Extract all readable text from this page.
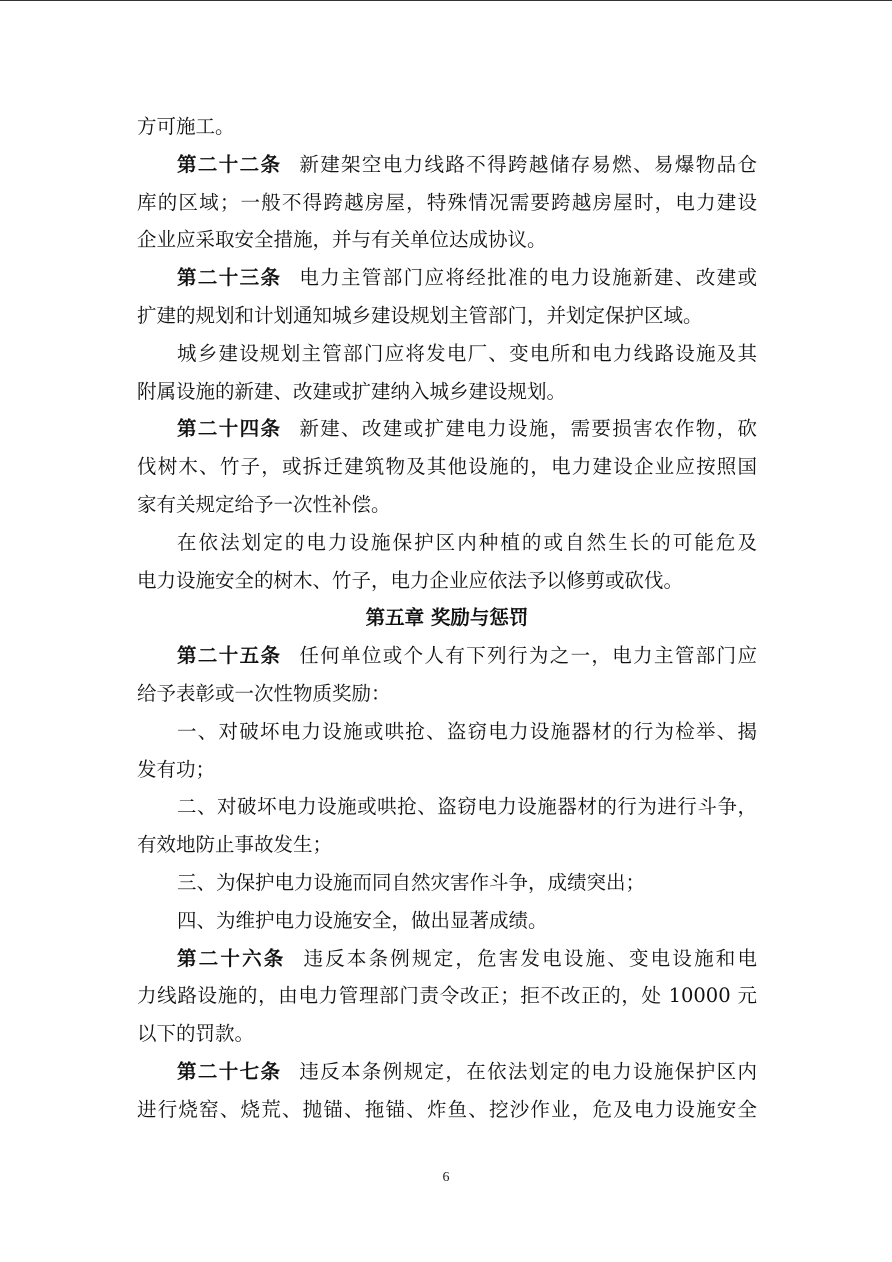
方可施工。
第二十二条 新建架空电力线路不得跨越储存易燃、易爆物品仓
库的区域；一般不得跨越房屋，特殊情况需要跨越房屋时，电力建设
企业应采取安全措施，并与有关单位达成协议。
第二十三条 电力主管部门应将经批准的电力设施新建、改建或
扩建的规划和计划通知城乡建设规划主管部门，并划定保护区域。
城乡建设规划主管部门应将发电厂、变电所和电力线路设施及其
附属设施的新建、改建或扩建纳入城乡建设规划。
第二十四条 新建、改建或扩建电力设施，需要损害农作物，砍
伐树木、竹子，或拆迁建筑物及其他设施的，电力建设企业应按照国
家有关规定给予一次性补偿。
在依法划定的电力设施保护区内种植的或自然生长的可能危及
电力设施安全的树木、竹子，电力企业应依法予以修剪或砍伐。
第五章 奖励与惩罚
第二十五条 任何单位或个人有下列行为之一，电力主管部门应
给予表彰或一次性物质奖励：
一、对破坏电力设施或哄抢、盗窃电力设施器材的行为检举、揭
发有功；
二、对破坏电力设施或哄抢、盗窃电力设施器材的行为进行斗争，
有效地防止事故发生；
三、为保护电力设施而同自然灾害作斗争，成绩突出；
四、为维护电力设施安全，做出显著成绩。
第二十六条 违反本条例规定，危害发电设施、变电设施和电
力线路设施的，由电力管理部门责令改正；拒不改正的，处 10000 元
以下的罚款。
第二十七条 违反本条例规定，在依法划定的电力设施保护区内
进行烧窑、烧荒、抛锚、拖锚、炸鱼、挖沙作业，危及电力设施安全
6
